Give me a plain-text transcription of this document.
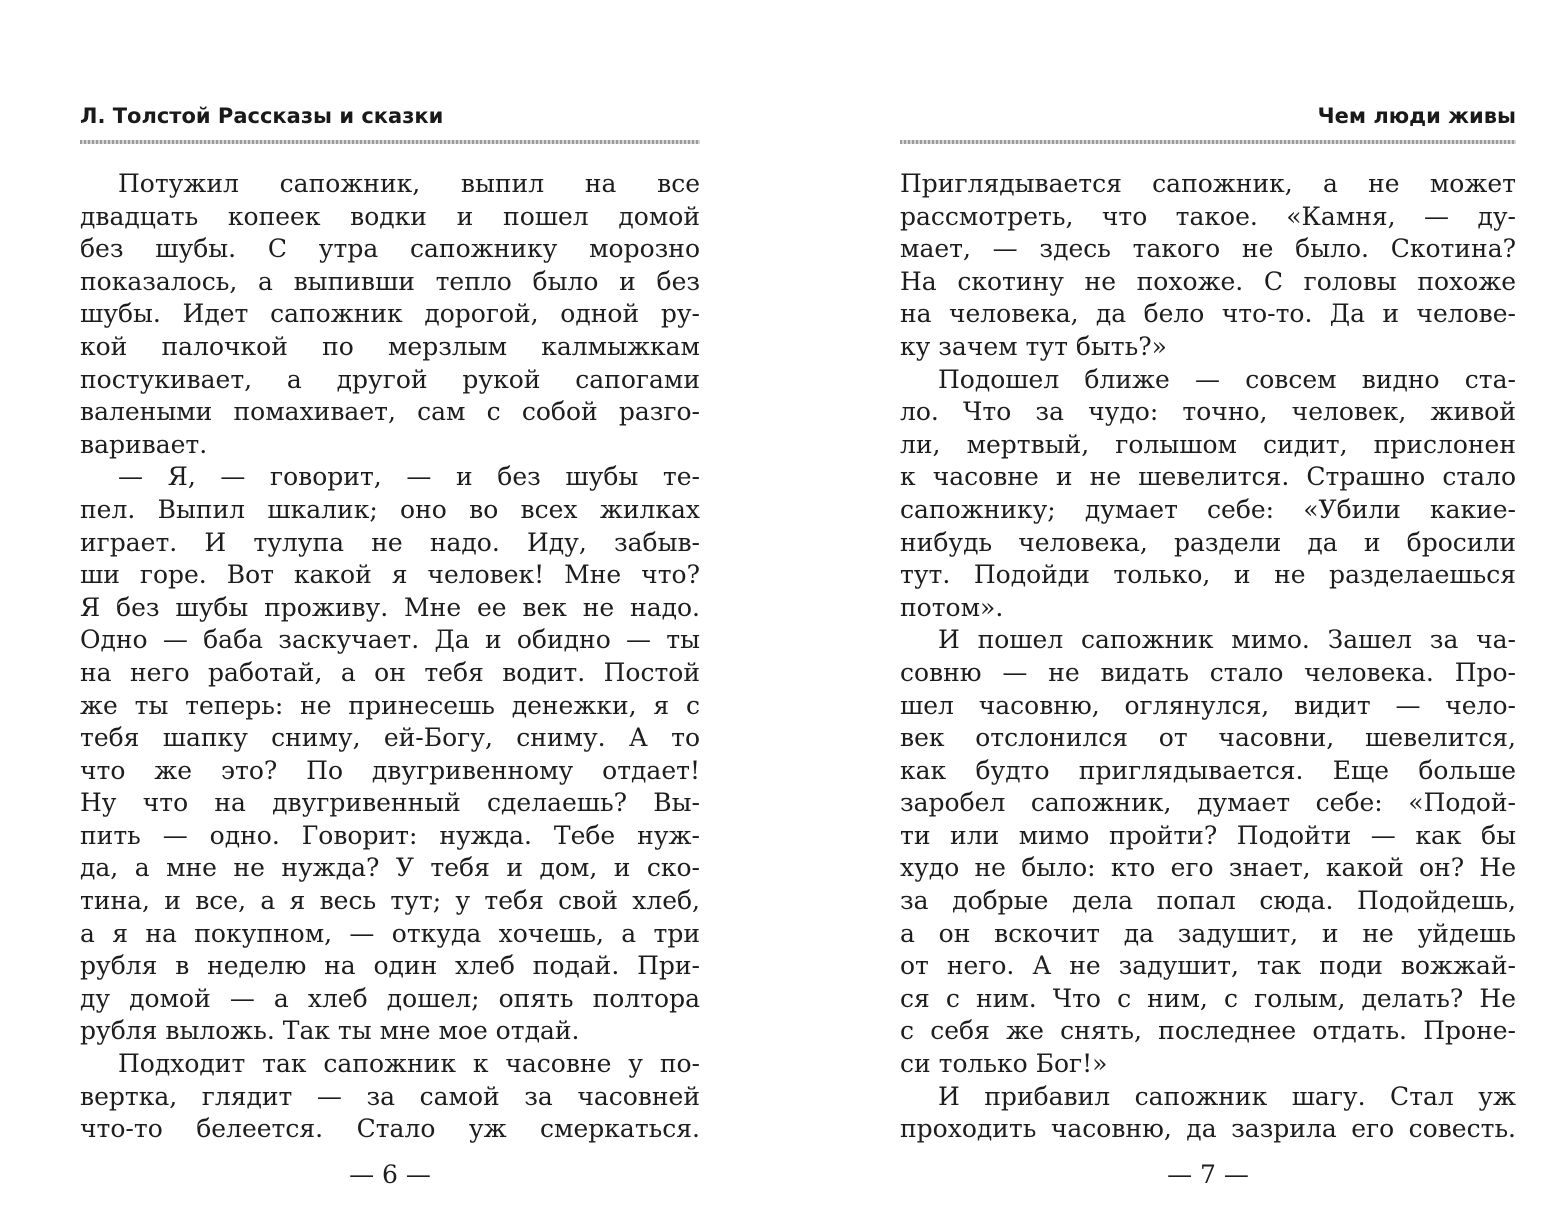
Л. Толстой Рассказы и сказки
Потужил сапожник, выпил на все
двадцать копеек водки и пошел домой
без шубы. С утра сапожнику морозно
показалось, а выпивши тепло было и без
шубы. Идет сапожник дорогой, одной ру-
кой палочкой по мерзлым калмыжкам
постукивает, а другой рукой сапогами
валеными помахивает, сам с собой разго-
варивает.
— Я, — говорит, — и без шубы те-
пел. Выпил шкалик; оно во всех жилках
играет. И тулупа не надо. Иду, забыв-
ши горе. Вот какой я человек! Мне что?
Я без шубы проживу. Мне ее век не надо.
Одно — баба заскучает. Да и обидно — ты
на него работай, а он тебя водит. Постой
же ты теперь: не принесешь денежки, я с
тебя шапку сниму, ей-Богу, сниму. А то
что же это? По двугривенному отдает!
Ну что на двугривенный сделаешь? Вы-
пить — одно. Говорит: нужда. Тебе нуж-
да, а мне не нужда? У тебя и дом, и ско-
тина, и все, а я весь тут; у тебя свой хлеб,
а я на покупном, — откуда хочешь, а три
рубля в неделю на один хлеб подай. При-
ду домой — а хлеб дошел; опять полтора
рубля выложь. Так ты мне мое отдай.
Подходит так сапожник к часовне у по-
вертка, глядит — за самой за часовней
что-то белеется. Стало уж смеркаться.
— 6 —
Чем люди живы
Приглядывается сапожник, а не может
рассмотреть, что такое. «Камня, — ду-
мает, — здесь такого не было. Скотина?
На скотину не похоже. С головы похоже
на человека, да бело что-то. Да и челове-
ку зачем тут быть?»
Подошел ближе — совсем видно ста-
ло. Что за чудо: точно, человек, живой
ли, мертвый, голышом сидит, прислонен
к часовне и не шевелится. Страшно стало
сапожнику; думает себе: «Убили какие-
нибудь человека, раздели да и бросили
тут. Подойди только, и не разделаешься
потом».
И пошел сапожник мимо. Зашел за ча-
совню — не видать стало человека. Про-
шел часовню, оглянулся, видит — чело-
век отслонился от часовни, шевелится,
как будто приглядывается. Еще больше
заробел сапожник, думает себе: «Подой-
ти или мимо пройти? Подойти — как бы
худо не было: кто его знает, какой он? Не
за добрые дела попал сюда. Подойдешь,
а он вскочит да задушит, и не уйдешь
от него. А не задушит, так поди вожжай-
ся с ним. Что с ним, с голым, делать? Не
с себя же снять, последнее отдать. Проне-
си только Бог!»
И прибавил сапожник шагу. Стал уж
проходить часовню, да зазрила его совесть.
— 7 —
